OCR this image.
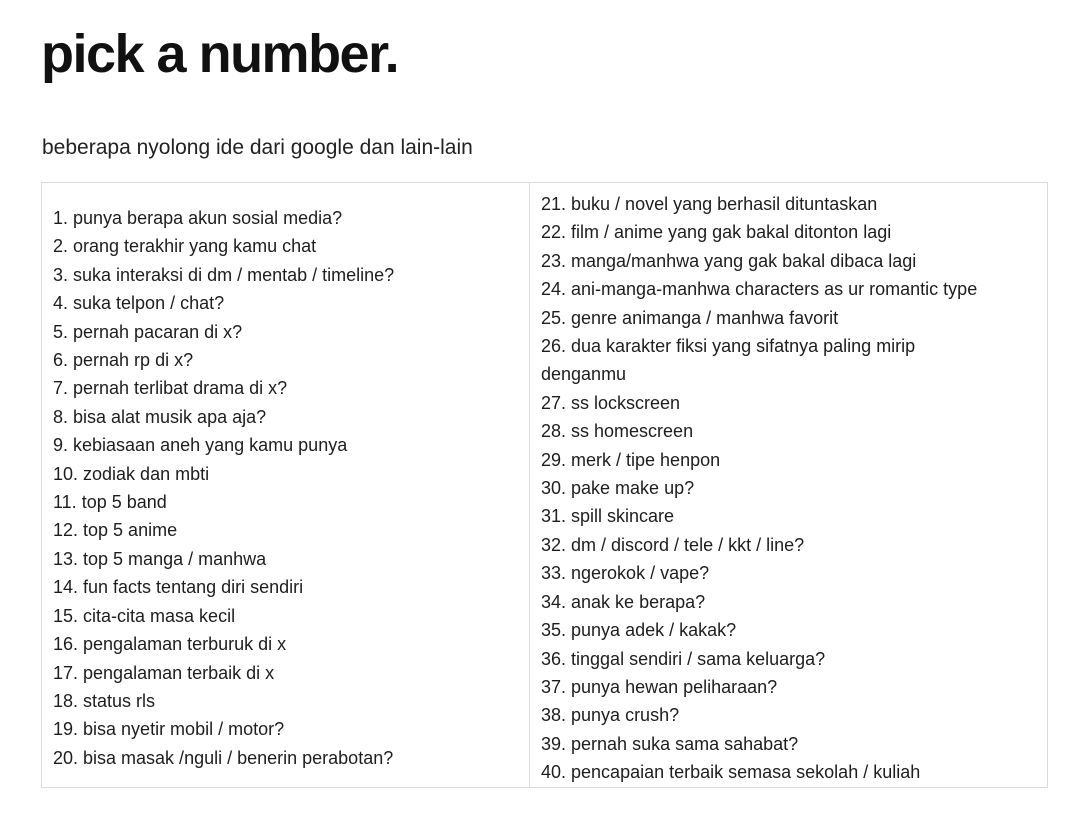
pick a number.

beberapa nyolong ide dari google dan lain-lain

1. punya berapa akun sosial media?
2. orang terakhir yang kamu chat
3. suka interaksi di dm / mentab / timeline?
4. suka telpon / chat?
5. pernah pacaran di x?
6. pernah rp di x?
7. pernah terlibat drama di x?
8. bisa alat musik apa aja?
9. kebiasaan aneh yang kamu punya
10. zodiak dan mbti
11. top 5 band
12. top 5 anime
13. top 5 manga / manhwa
14. fun facts tentang diri sendiri
15. cita-cita masa kecil
16. pengalaman terburuk di x
17. pengalaman terbaik di x
18. status rls
19. bisa nyetir mobil / motor?
20. bisa masak /nguli / benerin perabotan?
21. buku / novel yang berhasil dituntaskan
22. film / anime yang gak bakal ditonton lagi
23. manga/manhwa yang gak bakal dibaca lagi
24. ani-manga-manhwa characters as ur romantic type
25. genre animanga / manhwa favorit
26. dua karakter fiksi yang sifatnya paling mirip denganmu
27. ss lockscreen
28. ss homescreen
29. merk / tipe henpon
30. pake make up?
31. spill skincare
32. dm / discord / tele / kkt / line?
33. ngerokok / vape?
34. anak ke berapa?
35. punya adek / kakak?
36. tinggal sendiri / sama keluarga?
37. punya hewan peliharaan?
38. punya crush?
39. pernah suka sama sahabat?
40. pencapaian terbaik semasa sekolah / kuliah
